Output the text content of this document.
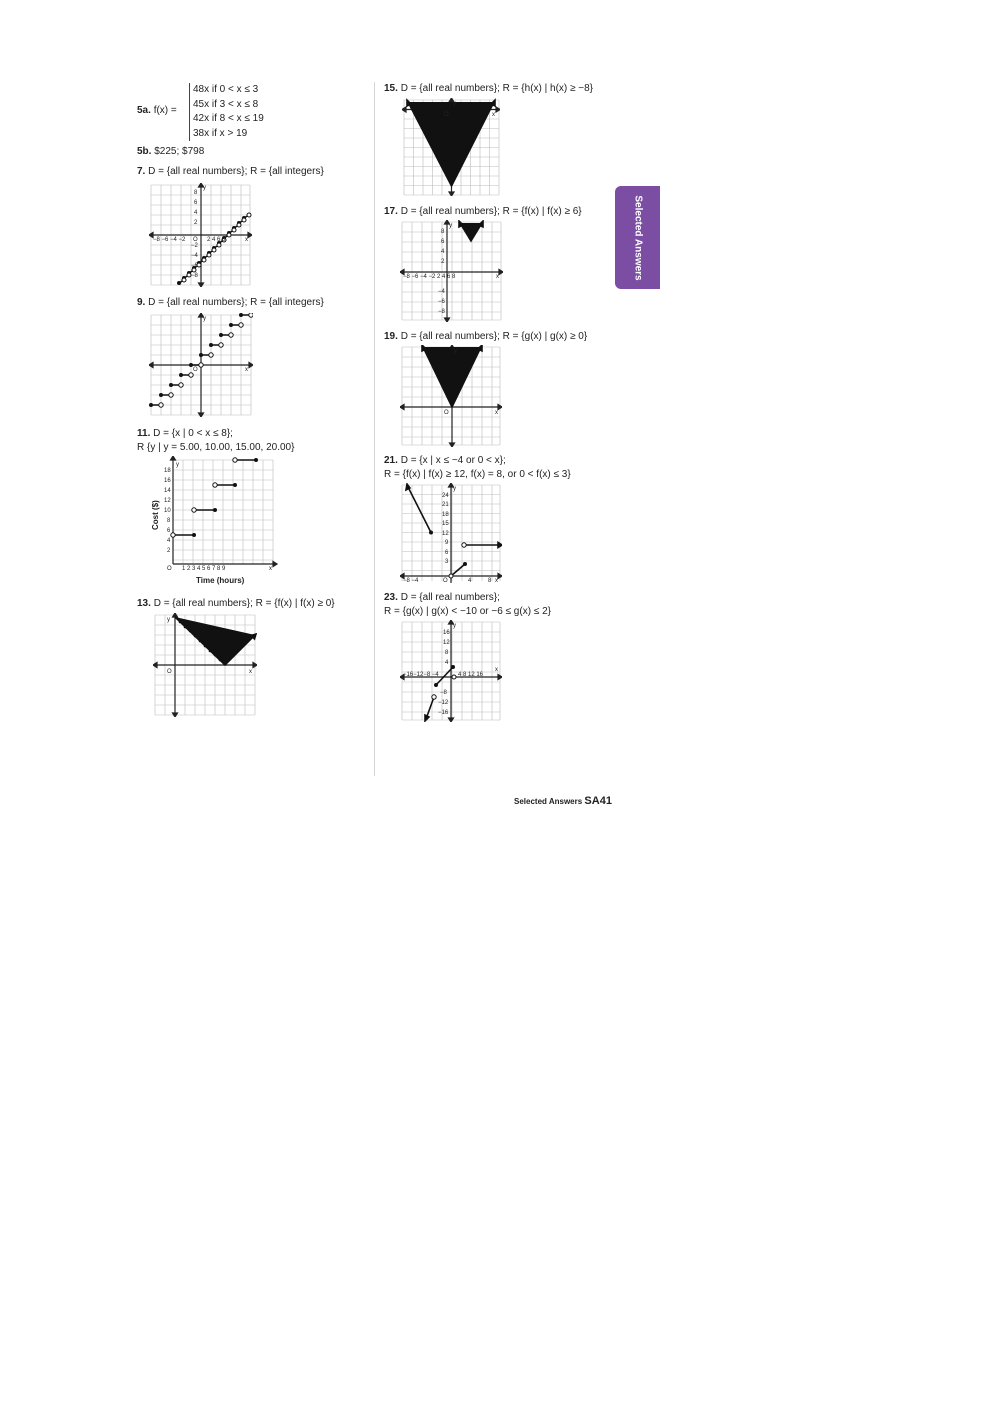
Selected Answers
5a. f(x) =
48x if 0 < x ≤ 3
45x if 3 < x ≤ 8
42x if 8 < x ≤ 19
38x if x > 19
5b. $225; $798
7. D = {all real numbers}; R = {all integers}
8
6
4
2
−2
−4
−6
−8
−8 −6 −4 −2	2 4 6 8
O	x
y
9. D = {all real numbers}; R = {all integers}
O	x
y
11. D = {x | 0 < x ≤ 8};
R {y | y = 5.00, 10.00, 15.00, 20.00}
18
16
14
12
10
8
6
4
2
1 2 3 4 5 6 7 8 9
O	x
y
Time (hours)
Cost ($)
13. D = {all real numbers}; R = {f(x) | f(x) ≥ 0}
O	x
y
15. D = {all real numbers}; R = {h(x) | h(x) ≥ −8}
O	x
y
17. D = {all real numbers}; R = {f(x) | f(x) ≥ 6}
8
6
4
2
−4
−6
−8
−8 −6 −4 −2 2 4 6 8	x
y
19. D = {all real numbers}; R = {g(x) | g(x) ≥ 0}
O	x
y
21. D = {x | x ≤ −4 or 0 < x};
R = {f(x) | f(x) ≥ 12, f(x) = 8, or 0 < f(x) ≤ 3}
24
21
18
15
12
9
6
3
−8 −4	O	4	8 x
y
23. D = {all real numbers};
R = {g(x) | g(x) < −10 or −6 ≤ g(x) ≤ 2}
16
12
8
4
−8
−12
−16
−16−12−8 −4	4 8 12 16
x
y
Selected Answers SA41
